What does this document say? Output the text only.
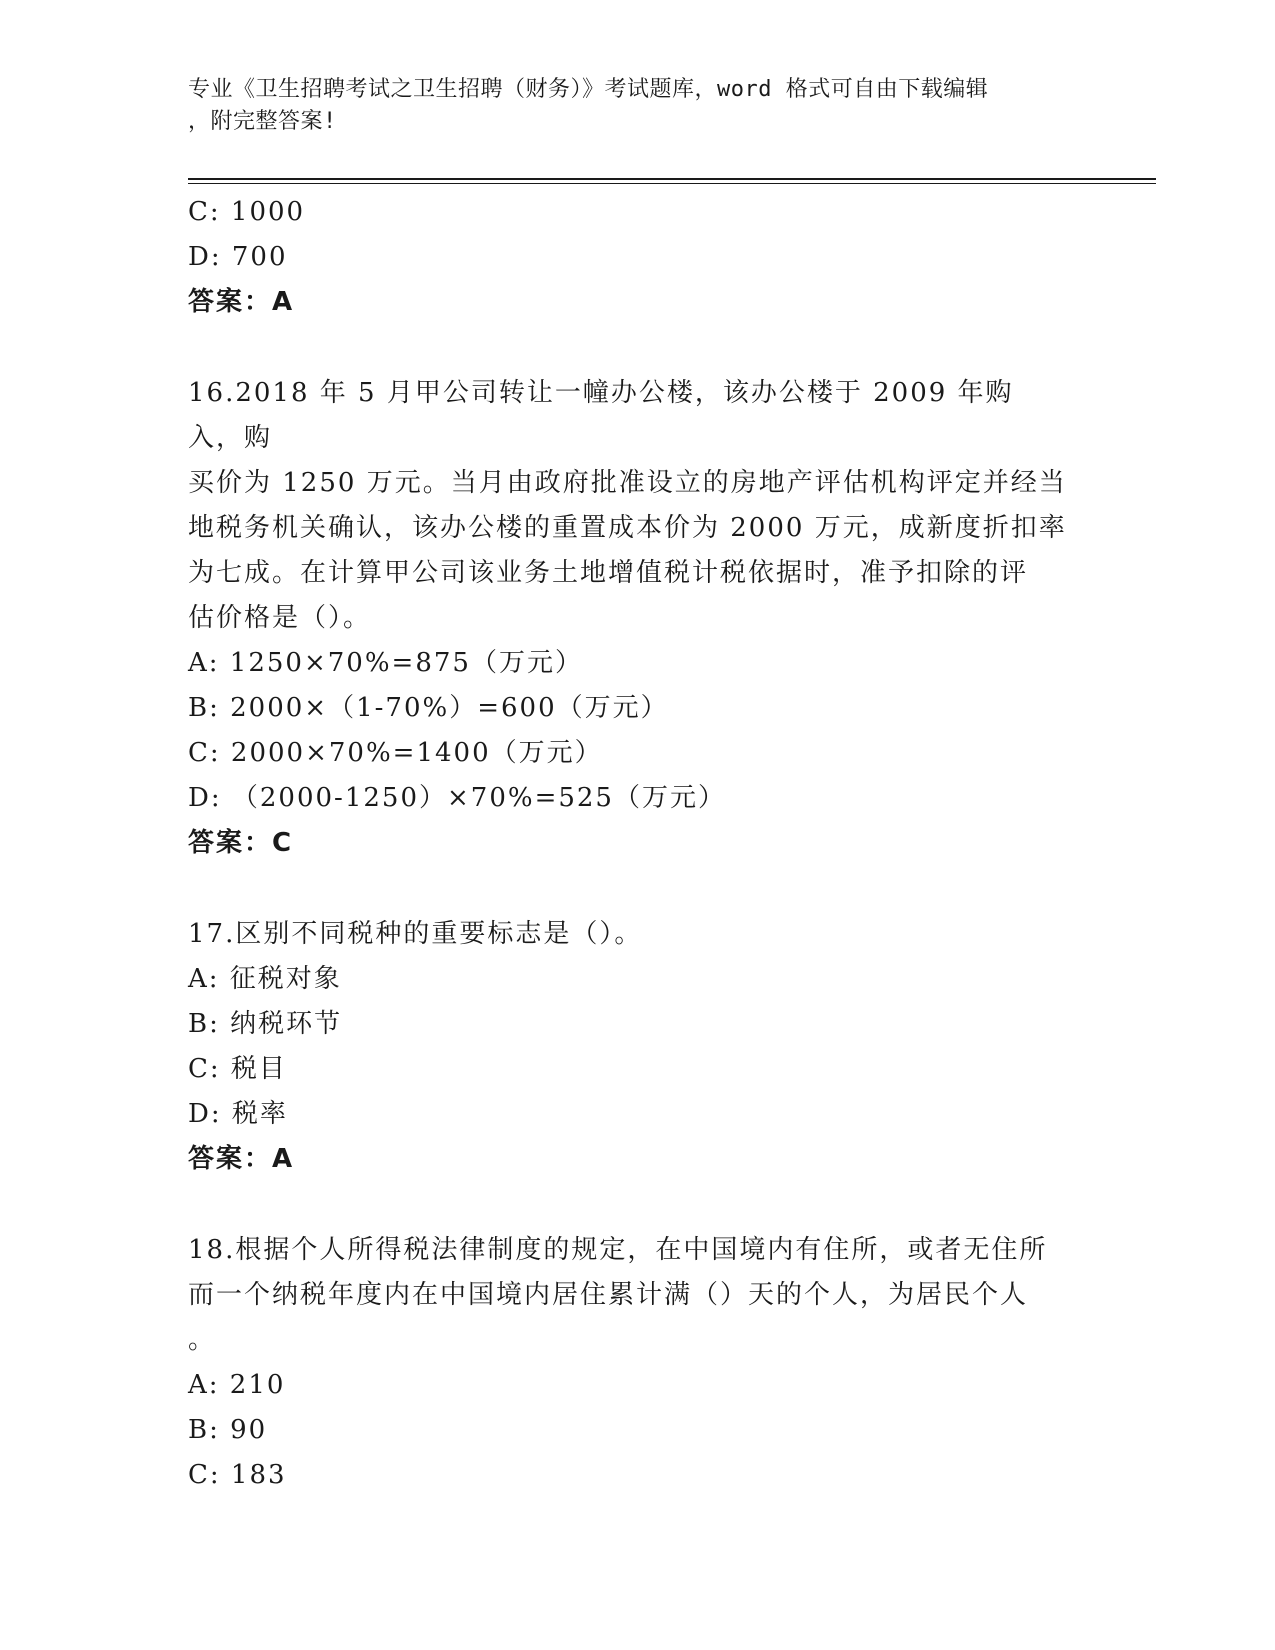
专业《卫生招聘考试之卫生招聘（财务）》考试题库，word 格式可自由下载编辑
，附完整答案!
C: 1000
D: 700
答案：A
16.2018 年 5 月甲公司转让一幢办公楼，该办公楼于 2009 年购入，购
买价为 1250 万元。当月由政府批准设立的房地产评估机构评定并经当
地税务机关确认，该办公楼的重置成本价为 2000 万元，成新度折扣率
为七成。在计算甲公司该业务土地增值税计税依据时，准予扣除的评
估价格是（）。
A: 1250×70%=875（万元）
B: 2000×（1-70%）=600（万元）
C: 2000×70%=1400（万元）
D: （2000-1250）×70%=525（万元）
答案：C
17.区别不同税种的重要标志是（）。
A: 征税对象
B: 纳税环节
C: 税目
D: 税率
答案：A
18.根据个人所得税法律制度的规定，在中国境内有住所，或者无住所
而一个纳税年度内在中国境内居住累计满（）天的个人，为居民个人
。
A: 210
B: 90
C: 183
